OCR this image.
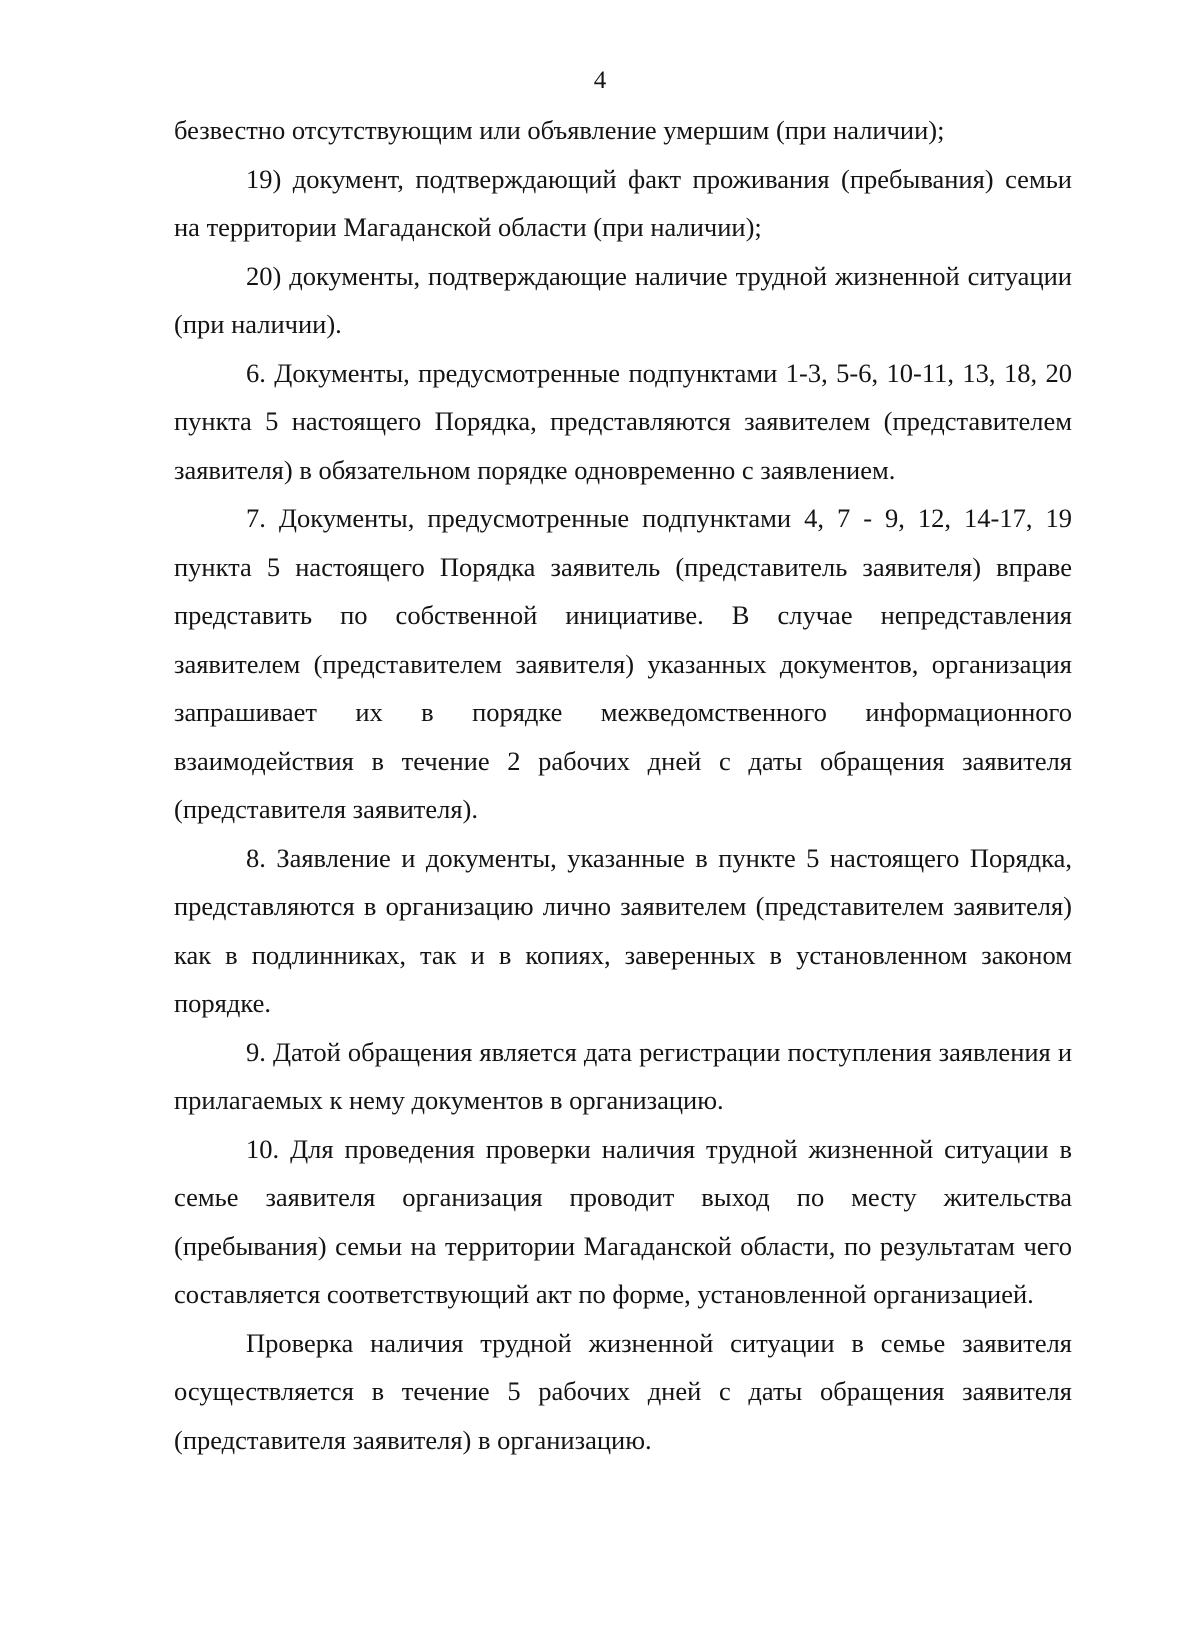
4

безвестно отсутствующим или объявление умершим (при наличии);

19) документ, подтверждающий факт проживания (пребывания) семьи на территории Магаданской области (при наличии);

20) документы, подтверждающие наличие трудной жизненной ситуации (при наличии).

6. Документы, предусмотренные подпунктами 1-3, 5-6, 10-11, 13, 18, 20 пункта 5 настоящего Порядка, представляются заявителем (представителем заявителя) в обязательном порядке одновременно с заявлением.

7. Документы, предусмотренные подпунктами 4, 7 - 9, 12, 14-17, 19 пункта 5 настоящего Порядка заявитель (представитель заявителя) вправе представить по собственной инициативе. В случае непредставления заявителем (представителем заявителя) указанных документов, организация запрашивает их в порядке межведомственного информационного взаимодействия в течение 2 рабочих дней с даты обращения заявителя (представителя заявителя).

8. Заявление и документы, указанные в пункте 5 настоящего Порядка, представляются в организацию лично заявителем (представителем заявителя) как в подлинниках, так и в копиях, заверенных в установленном законом порядке.

9. Датой обращения является дата регистрации поступления заявления и прилагаемых к нему документов в организацию.

10. Для проведения проверки наличия трудной жизненной ситуации в семье заявителя организация проводит выход по месту жительства (пребывания) семьи на территории Магаданской области, по результатам чего составляется соответствующий акт по форме, установленной организацией.

Проверка наличия трудной жизненной ситуации в семье заявителя осуществляется в течение 5 рабочих дней с даты обращения заявителя (представителя заявителя) в организацию.
